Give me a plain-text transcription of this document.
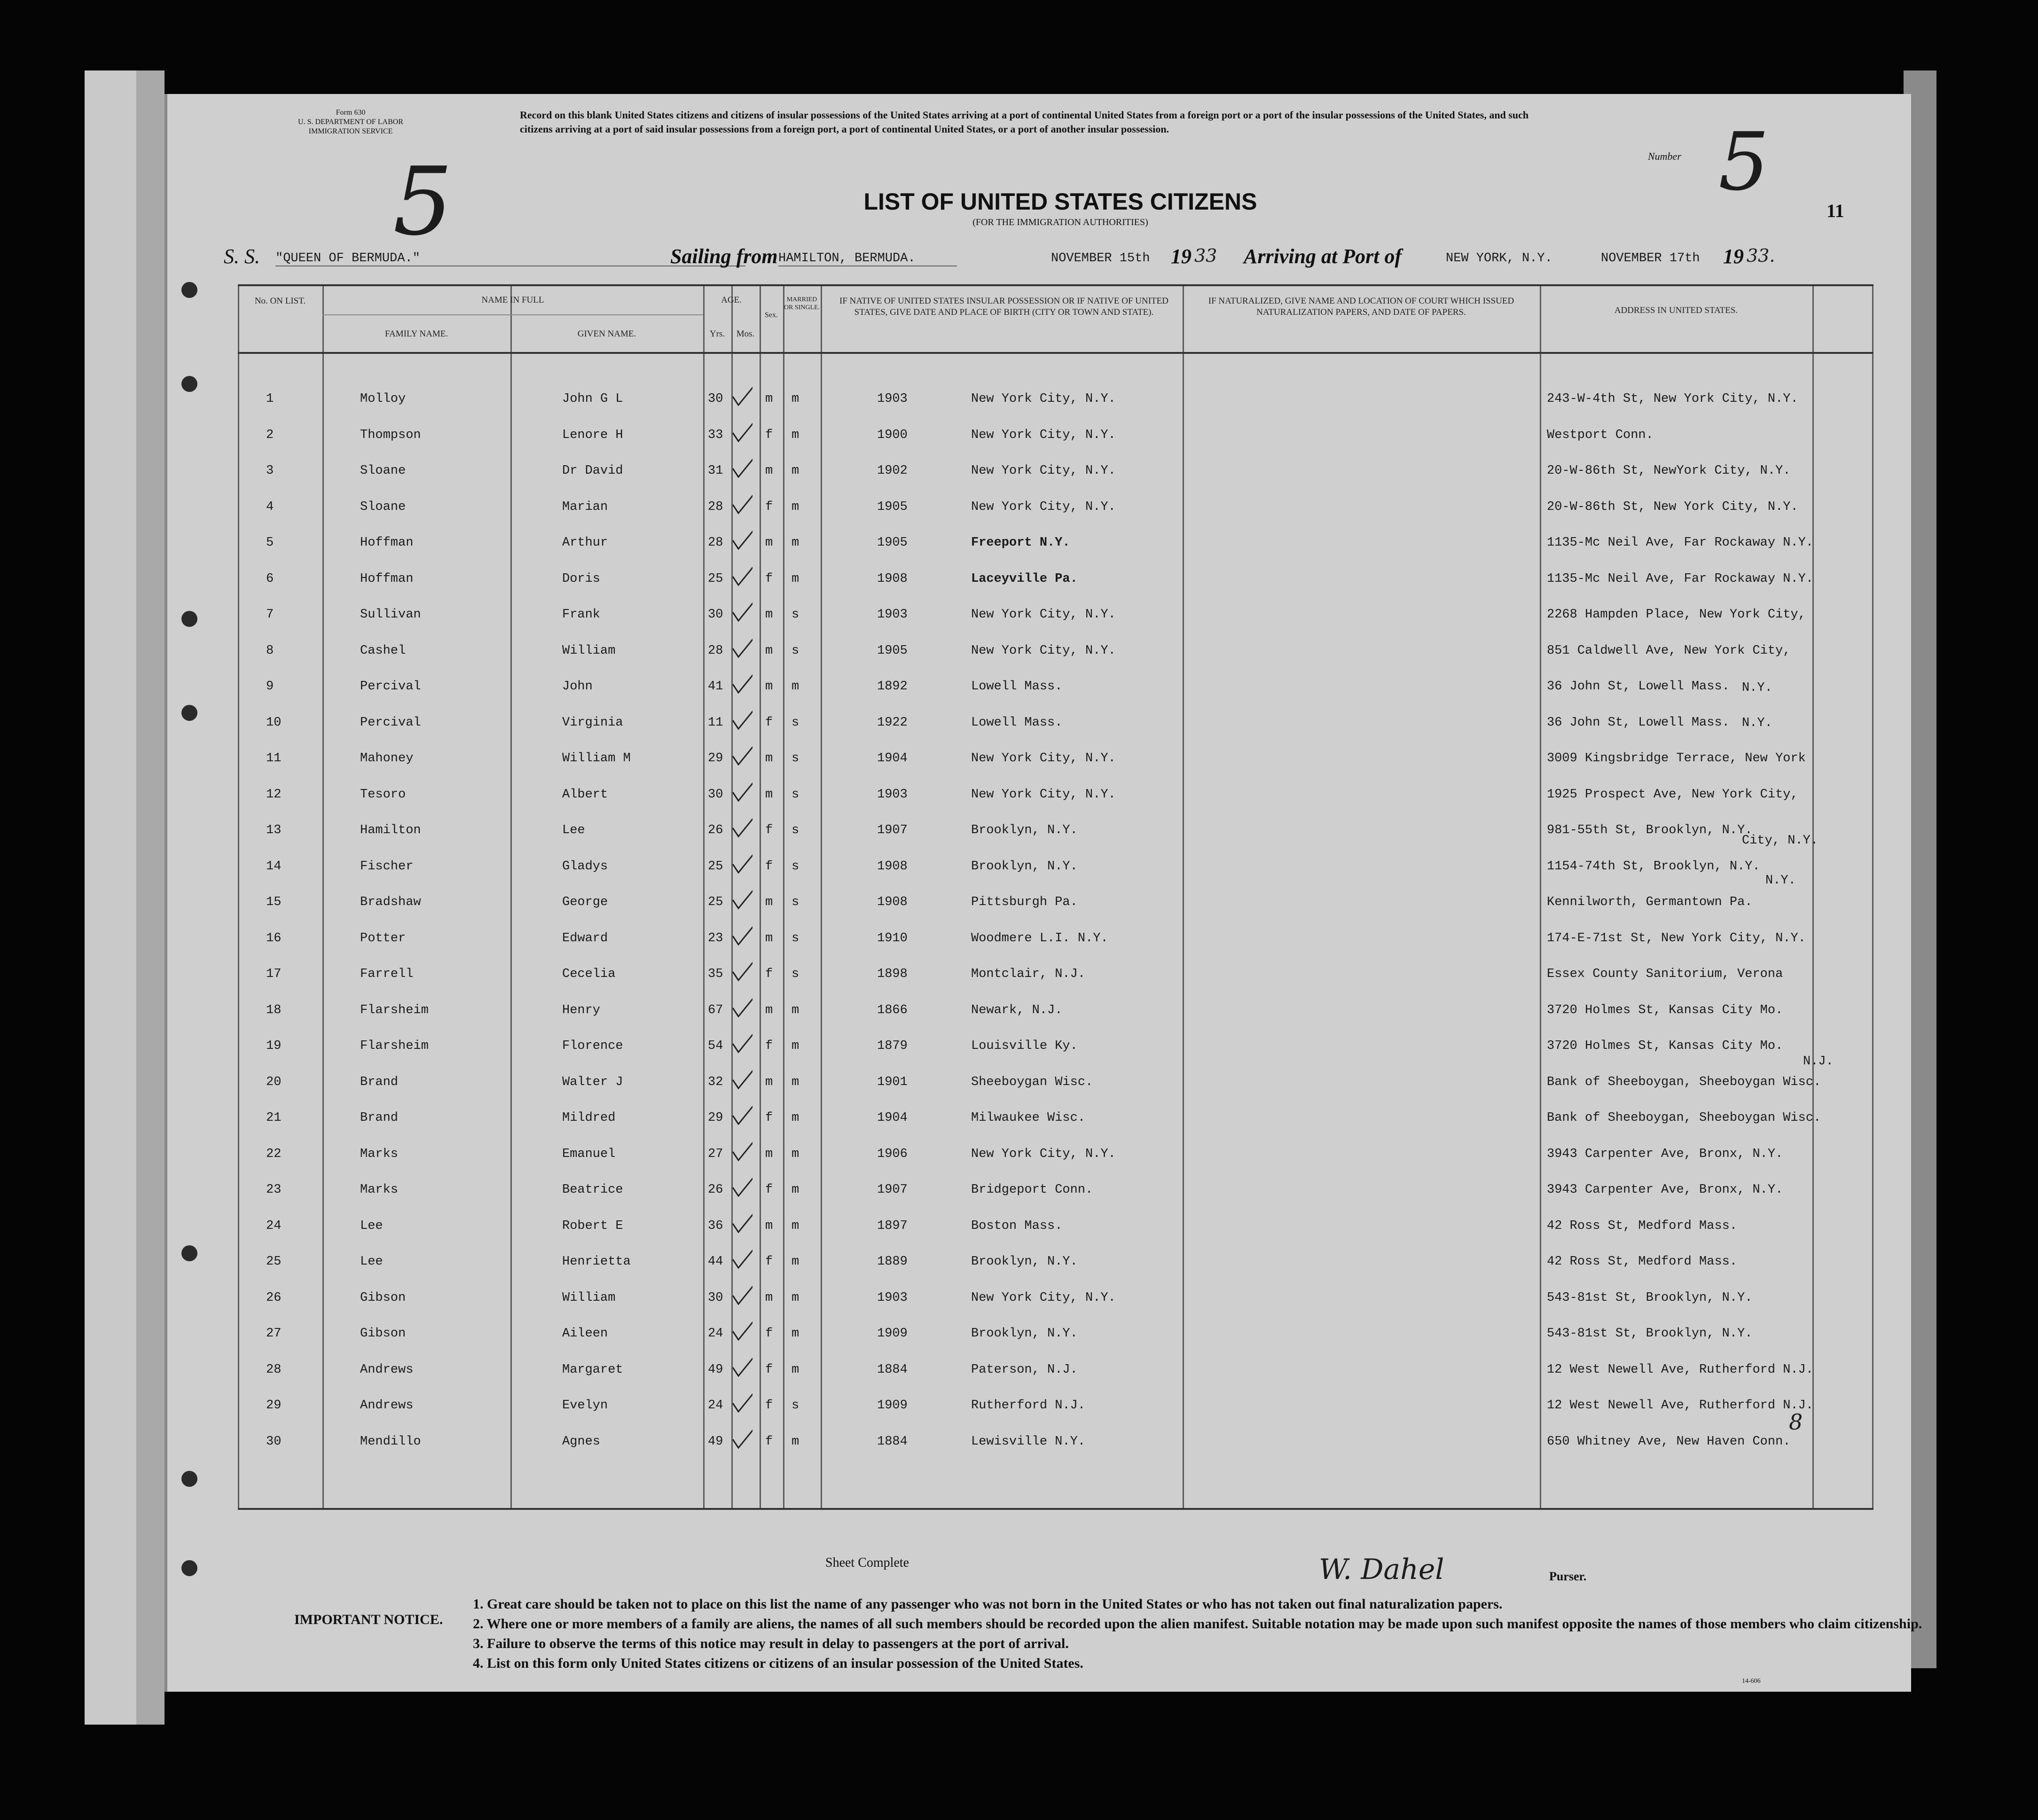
Form 630
U. S. DEPARTMENT OF LABOR
IMMIGRATION SERVICE
5
Record on this blank United States citizens and citizens of insular possessions of the United States arriving at a port of continental United States from a foreign port or a port of the insular possessions of the United States, and such citizens arriving at a port of said insular possessions from a foreign port, a port of continental United States, or a port of another insular possession.
Number 5
11
LIST OF UNITED STATES CITIZENS
(FOR THE IMMIGRATION AUTHORITIES)
S. S. "QUEEN OF BERMUDA."	Sailing from HAMILTON, BERMUDA.	NOVEMBER 15th 19 33 Arriving at Port of	NEW YORK, N.Y.	NOVEMBER 17th 19 33.
No. ON LIST.	NAME IN FULL
FAMILY NAME.	GIVEN NAME.
AGE.
Yrs.	Mos.
Sex.
MARRIED OR SINGLE.
IF NATIVE OF UNITED STATES INSULAR POSSESSION OR IF NATIVE OF UNITED STATES, GIVE DATE AND PLACE OF BIRTH (CITY OR TOWN AND STATE).
IF NATURALIZED, GIVE NAME AND LOCATION OF COURT WHICH ISSUED NATURALIZATION PAPERS, AND DATE OF PAPERS.	ADDRESS IN UNITED STATES.
1	Molloy	John G L	30	m m	1903	New York City, N.Y.	243-W-4th St, New York City, N.Y.
2	Thompson	Lenore H	33	f m	1900	New York City, N.Y.	Westport Conn.
3	Sloane	Dr David	31	m m	1902	New York City, N.Y.	20-W-86th St, NewYork City, N.Y.
4	Sloane	Marian	28	f m	1905	New York City, N.Y.	20-W-86th St, New York City, N.Y.
5	Hoffman	Arthur	28	m m	1905	Freeport N.Y.	1135-Mc Neil Ave, Far Rockaway N.Y.
6	Hoffman	Doris	25	f m	1908	Laceyville Pa.	1135-Mc Neil Ave, Far Rockaway N.Y.
7	Sullivan	Frank	30	m s	1903	New York City, N.Y.	2268 Hampden Place, New York City,
8	Cashel	William	28	m s	1905	New York City, N.Y.	851 Caldwell Ave, New York City,
9	Percival	John	41	m m	1892	Lowell Mass.	36 John St, Lowell Mass.
10	Percival	Virginia	11	f s	1922	Lowell Mass.	36 John St, Lowell Mass.
11	Mahoney	William M	29	m s	1904	New York City, N.Y.	3009 Kingsbridge Terrace, New York
12	Tesoro	Albert	30	m s	1903	New York City, N.Y.	1925 Prospect Ave, New York City,
13	Hamilton	Lee	26	f s	1907	Brooklyn, N.Y.	981-55th St, Brooklyn, N.Y.
14	Fischer	Gladys	25	f s	1908	Brooklyn, N.Y.	1154-74th St, Brooklyn, N.Y.
15	Bradshaw	George	25	m s	1908	Pittsburgh Pa.	Kennilworth, Germantown Pa.
16	Potter	Edward	23	m s	1910	Woodmere L.I. N.Y.	174-E-71st St, New York City, N.Y.
17	Farrell	Cecelia	35	f s	1898	Montclair, N.J.	Essex County Sanitorium, Verona
18	Flarsheim	Henry	67	m m	1866	Newark, N.J.	3720 Holmes St, Kansas City Mo.
19	Flarsheim	Florence	54	f m	1879	Louisville Ky.	3720 Holmes St, Kansas City Mo.
20	Brand	Walter J	32	m m	1901	Sheeboygan Wisc.	Bank of Sheeboygan, Sheeboygan Wisc.
21	Brand	Mildred	29	f m	1904	Milwaukee Wisc.	Bank of Sheeboygan, Sheeboygan Wisc.
22	Marks	Emanuel	27	m m	1906	New York City, N.Y.	3943 Carpenter Ave, Bronx, N.Y.
23	Marks	Beatrice	26	f m	1907	Bridgeport Conn.	3943 Carpenter Ave, Bronx, N.Y.
24	Lee	Robert E	36	m m	1897	Boston Mass.	42 Ross St, Medford Mass.
25	Lee	Henrietta	44	f m	1889	Brooklyn, N.Y.	42 Ross St, Medford Mass.
26	Gibson	William	30	m m	1903	New York City, N.Y.	543-81st St, Brooklyn, N.Y.
27	Gibson	Aileen	24	f m	1909	Brooklyn, N.Y.	543-81st St, Brooklyn, N.Y.
28	Andrews	Margaret	49	f m	1884	Paterson, N.J.	12 West Newell Ave, Rutherford N.J.
29	Andrews	Evelyn	24	f s	1909	Rutherford N.J.	12 West Newell Ave, Rutherford N.J.
30	Mendillo	Agnes	49	f m	1884	Lewisville N.Y.	650 Whitney Ave, New Haven Conn.
N.Y.
N.Y.
City, N.Y.
N.Y.
N.J.
8
Sheet Complete	W. Dahel	Purser.
IMPORTANT NOTICE.
1. Great care should be taken not to place on this list the name of any passenger who was not born in the United States or who has not taken out final naturalization papers.
2. Where one or more members of a family are aliens, the names of all such members should be recorded upon the alien manifest. Suitable notation may be made upon such manifest opposite the names of those members who claim citizenship.
3. Failure to observe the terms of this notice may result in delay to passengers at the port of arrival.
4. List on this form only United States citizens or citizens of an insular possession of the United States.
14-606
